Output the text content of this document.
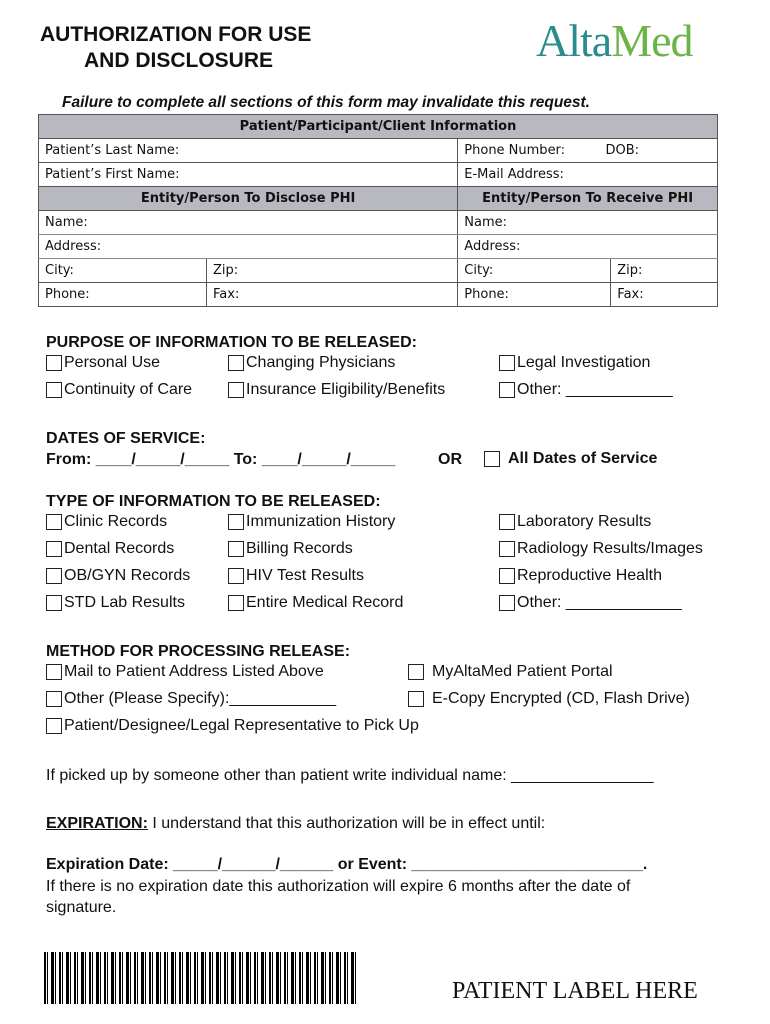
AUTHORIZATION FOR USE
AND DISCLOSURE	AltaMed
Failure to complete all sections of this form may invalidate this request.
Patient/Participant/Client Information			
Patient’s Last Name:		Phone Number: DOB:	

Patient’s First Name:		E-Mail Address:	
Entity/Person To Disclose PHI		Entity/Person To Receive PHI	
Name:		Name:	
Address:		Address:	
City:	Zip:	City:	Zip:
Phone:	Fax:	Phone:	Fax:
PURPOSE OF INFORMATION TO BE RELEASED:
Personal Use	Changing Physicians	Legal Investigation
Continuity of Care	Insurance Eligibility/Benefits	Other: ____________
DATES OF SERVICE:
From: ____/_____/_____ To: ____/_____/_____	OR	All Dates of Service
TYPE OF INFORMATION TO BE RELEASED:
Clinic Records	Immunization History	Laboratory Results
Dental Records	Billing Records	Radiology Results/Images
OB/GYN Records	HIV Test Results	Reproductive Health
STD Lab Results	Entire Medical Record	Other: _____________
METHOD FOR PROCESSING RELEASE:
Mail to Patient Address Listed Above	MyAltaMed Patient Portal
Other (Please Specify):____________	E-Copy Encrypted (CD, Flash Drive)
Patient/Designee/Legal Representative to Pick Up
If picked up by someone other than patient write individual name: ________________
EXPIRATION: I understand that this authorization will be in effect until:
Expiration Date: _____/______/______ or Event: __________________________.
If there is no expiration date this authorization will expire 6 months after the date of
signature.
PATIENT LABEL HERE
